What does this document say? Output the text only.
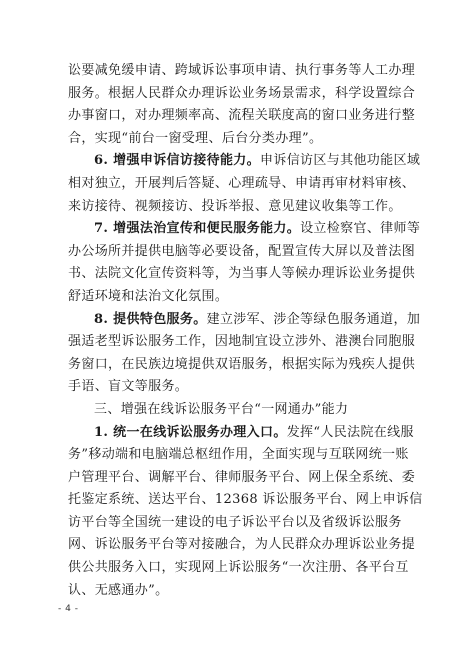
讼要减免缓申请、跨域诉讼事项申请、执行事务等人工办理
服务。根据人民群众办理诉讼业务场景需求，科学设置综合
办事窗口，对办理频率高、流程关联度高的窗口业务进行整
合，实现“前台一窗受理、后台分类办理”。
6. 增强申诉信访接待能力。申诉信访区与其他功能区域
相对独立，开展判后答疑、心理疏导、申请再审材料审核、
来访接待、视频接访、投诉举报、意见建议收集等工作。
7. 增强法治宣传和便民服务能力。设立检察官、律师等
办公场所并提供电脑等必要设备，配置宣传大屏以及普法图
书、法院文化宣传资料等，为当事人等候办理诉讼业务提供
舒适环境和法治文化氛围。
8. 提供特色服务。建立涉军、涉企等绿色服务通道，加
强适老型诉讼服务工作，因地制宜设立涉外、港澳台同胞服
务窗口，在民族边境提供双语服务，根据实际为残疾人提供
手语、盲文等服务。
三、增强在线诉讼服务平台“一网通办”能力
1. 统一在线诉讼服务办理入口。发挥“人民法院在线服
务”移动端和电脑端总枢纽作用，全面实现与互联网统一账
户管理平台、调解平台、律师服务平台、网上保全系统、委
托鉴定系统、送达平台、12368 诉讼服务平台、网上申诉信
访平台等全国统一建设的电子诉讼平台以及省级诉讼服务
网、诉讼服务平台等对接融合，为人民群众办理诉讼业务提
供公共服务入口，实现网上诉讼服务“一次注册、各平台互
认、无感通办”。
- 4 -
